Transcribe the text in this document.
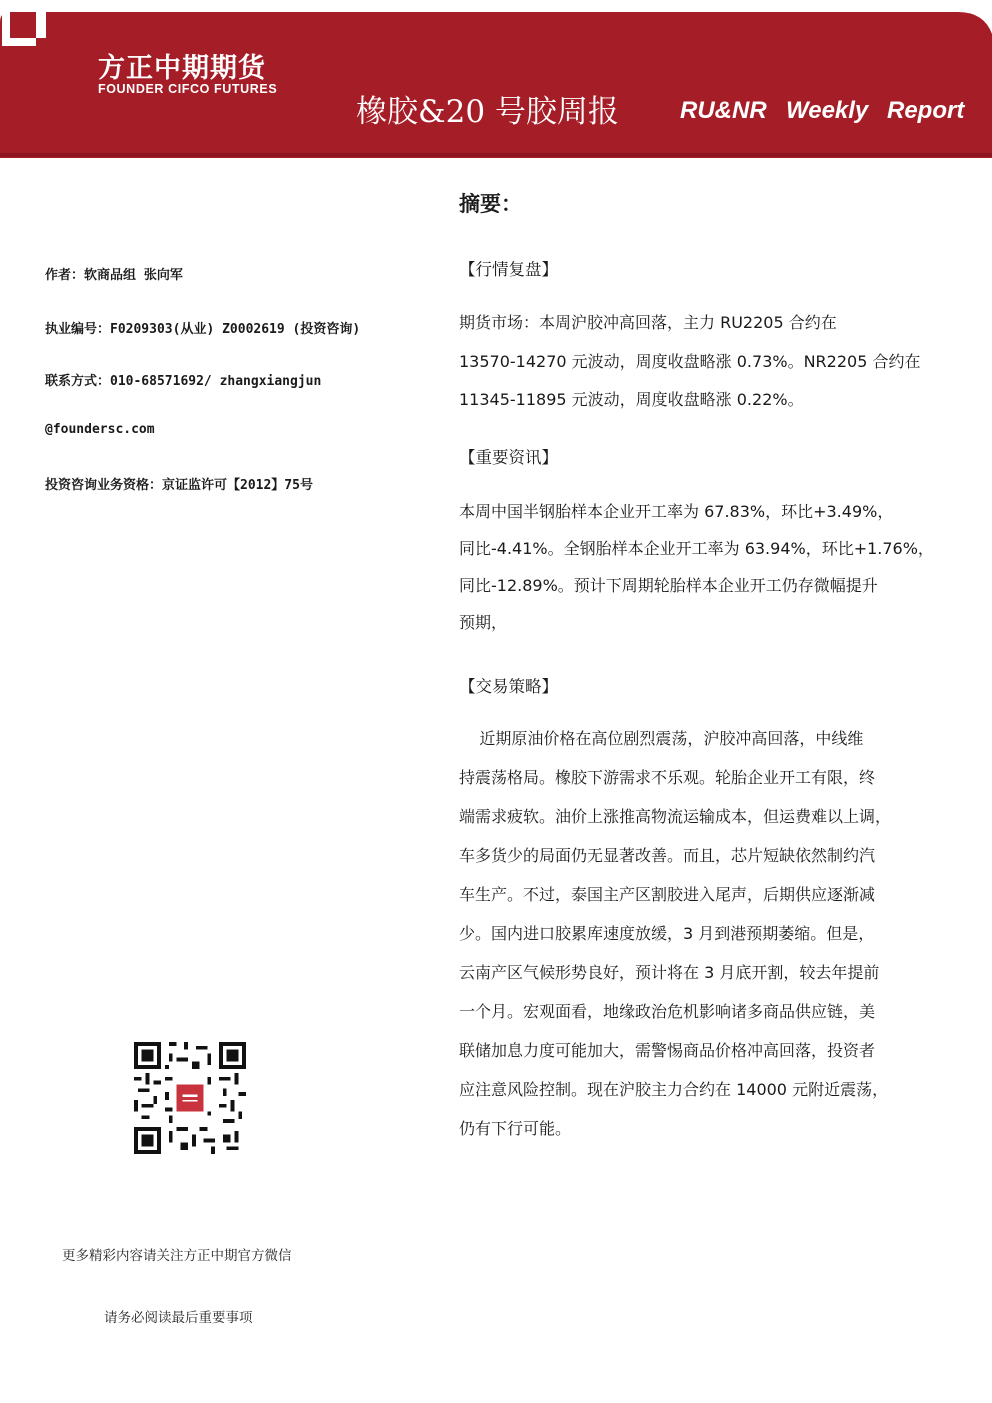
方正中期期货
FOUNDER CIFCO FUTURES
橡胶&20 号胶周报	RU&NR Weekly Report
作者：软商品组 张向军
执业编号：F0209303(从业) Z0002619 (投资咨询)
联系方式：010-68571692/ zhangxiangjun
@foundersc.com
投资咨询业务资格：京证监许可【2012】75号
更多精彩内容请关注方正中期官方微信
请务必阅读最后重要事项
摘要：
【行情复盘】
期货市场：本周沪胶冲高回落，主力 RU2205 合约在
13570-14270 元波动，周度收盘略涨 0.73%。NR2205 合约在
11345-11895 元波动，周度收盘略涨 0.22%。
【重要资讯】
本周中国半钢胎样本企业开工率为 67.83%，环比+3.49%，
同比-4.41%。全钢胎样本企业开工率为 63.94%，环比+1.76%，
同比-12.89%。预计下周期轮胎样本企业开工仍存微幅提升
预期，
【交易策略】
近期原油价格在高位剧烈震荡，沪胶冲高回落，中线维
持震荡格局。橡胶下游需求不乐观。轮胎企业开工有限，终
端需求疲软。油价上涨推高物流运输成本，但运费难以上调，
车多货少的局面仍无显著改善。而且，芯片短缺依然制约汽
车生产。不过，泰国主产区割胶进入尾声，后期供应逐渐减
少。国内进口胶累库速度放缓，3 月到港预期萎缩。但是，
云南产区气候形势良好，预计将在 3 月底开割，较去年提前
一个月。宏观面看，地缘政治危机影响诸多商品供应链，美
联储加息力度可能加大，需警惕商品价格冲高回落，投资者
应注意风险控制。现在沪胶主力合约在 14000 元附近震荡，
仍有下行可能。
